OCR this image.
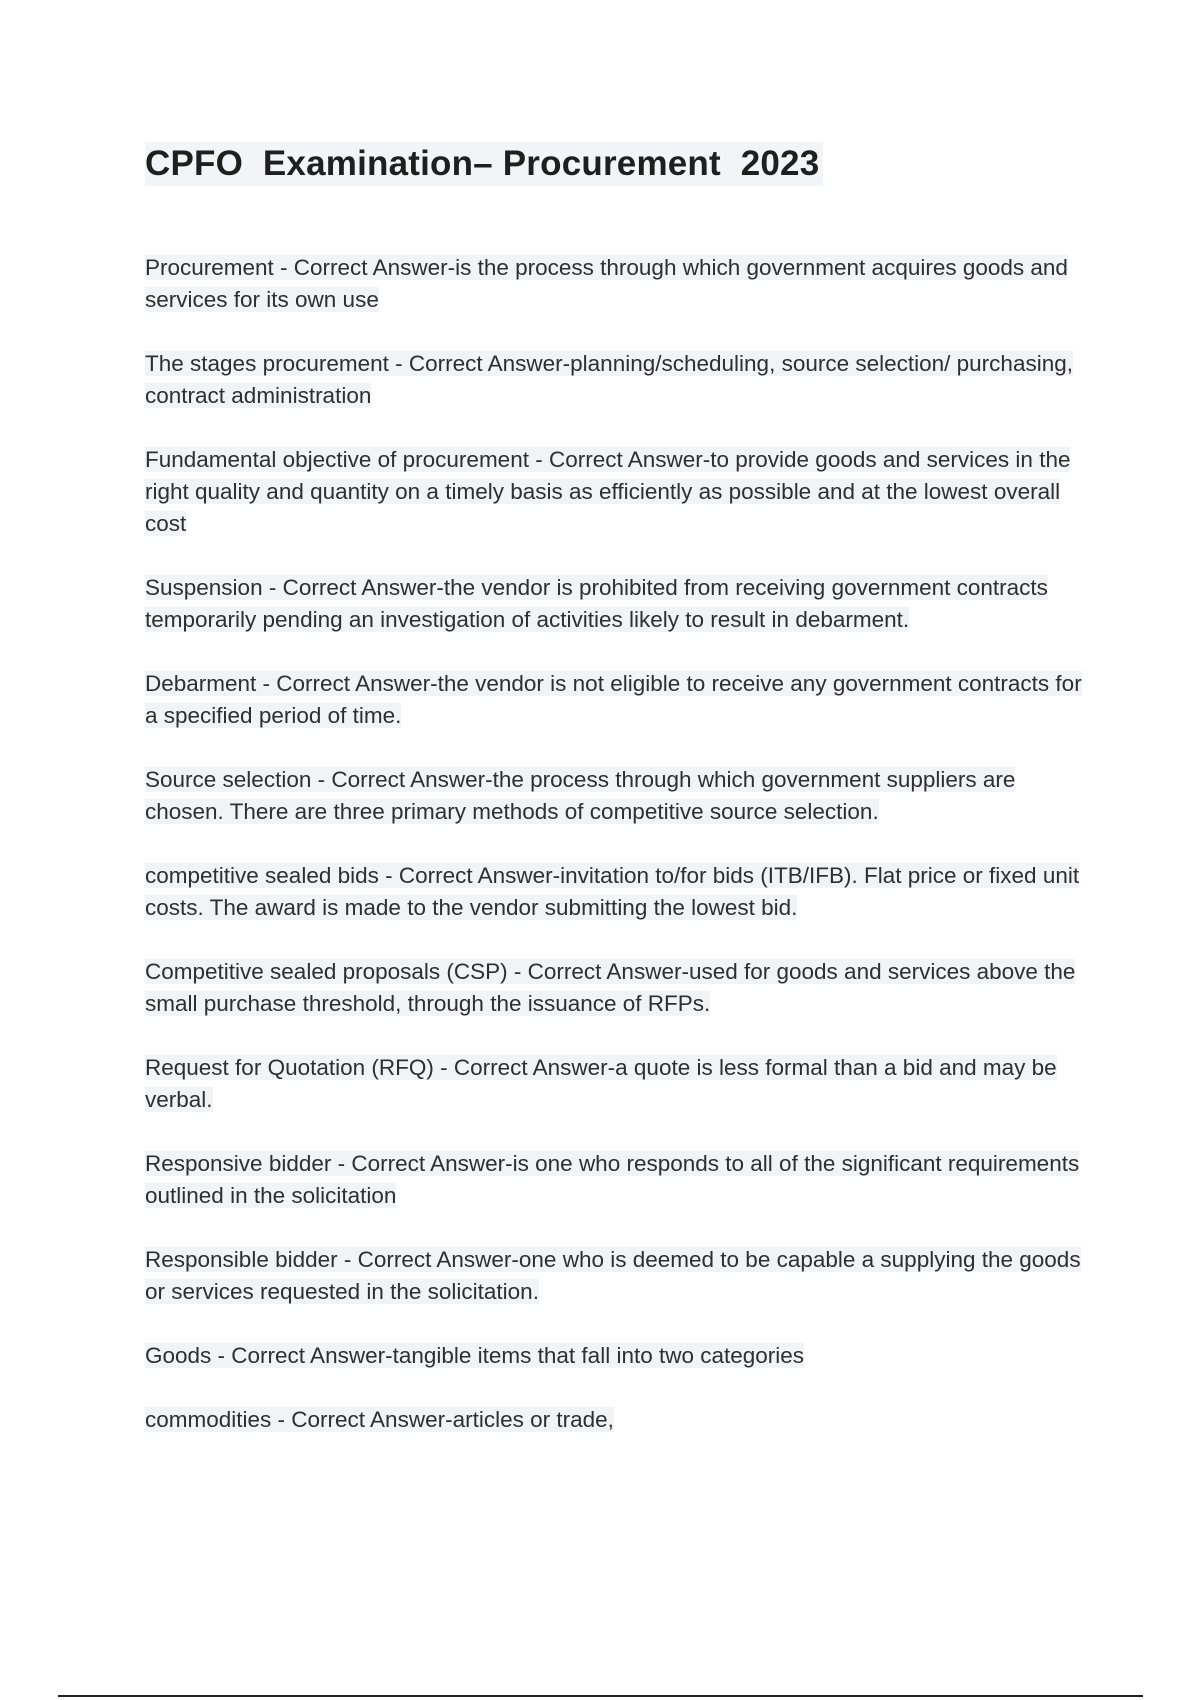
CPFO  Examination– Procurement  2023

Procurement - Correct Answer-is the process through which government acquires goods and services for its own use

The stages procurement - Correct Answer-planning/scheduling, source selection/ purchasing, contract administration

Fundamental objective of procurement - Correct Answer-to provide goods and services in the right quality and quantity on a timely basis as efficiently as possible and at the lowest overall cost

Suspension - Correct Answer-the vendor is prohibited from receiving government contracts temporarily pending an investigation of activities likely to result in debarment.

Debarment - Correct Answer-the vendor is not eligible to receive any government contracts for a specified period of time.

Source selection - Correct Answer-the process through which government suppliers are chosen. There are three primary methods of competitive source selection.

competitive sealed bids - Correct Answer-invitation to/for bids (ITB/IFB). Flat price or fixed unit costs. The award is made to the vendor submitting the lowest bid.

Competitive sealed proposals (CSP) - Correct Answer-used for goods and services above the small purchase threshold, through the issuance of RFPs.

Request for Quotation (RFQ) - Correct Answer-a quote is less formal than a bid and may be verbal.

Responsive bidder - Correct Answer-is one who responds to all of the significant requirements outlined in the solicitation

Responsible bidder - Correct Answer-one who is deemed to be capable a supplying the goods or services requested in the solicitation.

Goods - Correct Answer-tangible items that fall into two categories

commodities - Correct Answer-articles or trade,
